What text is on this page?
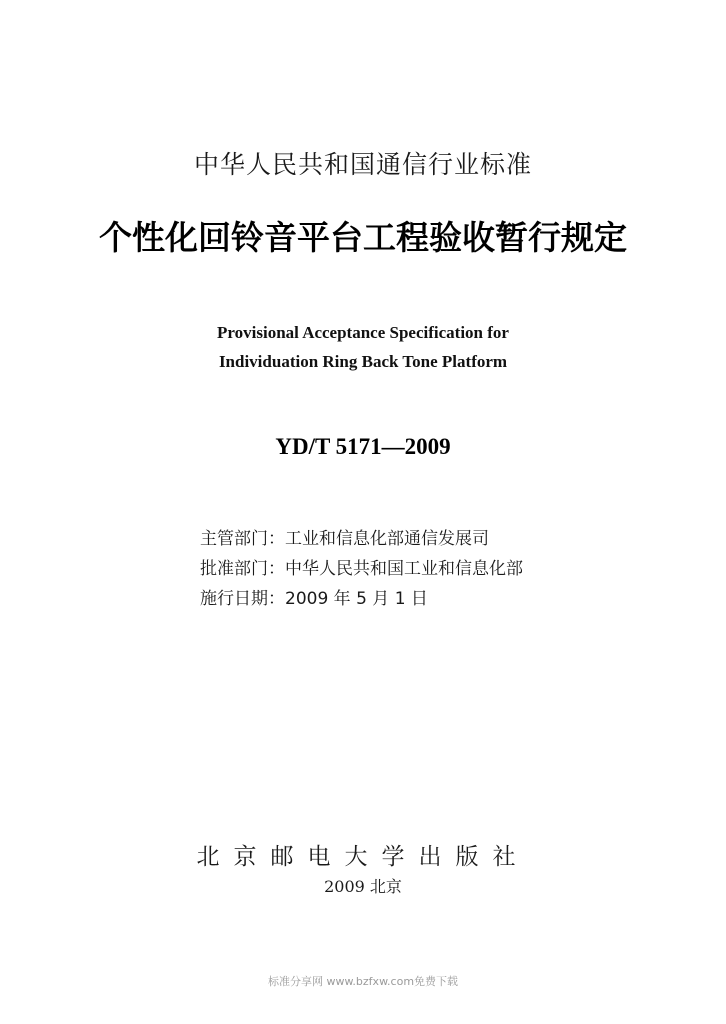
中华人民共和国通信行业标准
个性化回铃音平台工程验收暂行规定
Provisional Acceptance Specification for
Individuation Ring Back Tone Platform
YD/T 5171—2009
主管部门：工业和信息化部通信发展司
批准部门：中华人民共和国工业和信息化部
施行日期：2009 年 5 月 1 日
北京邮电大学出版社
2009 北京
标准分享网 www.bzfxw.com免费下载
